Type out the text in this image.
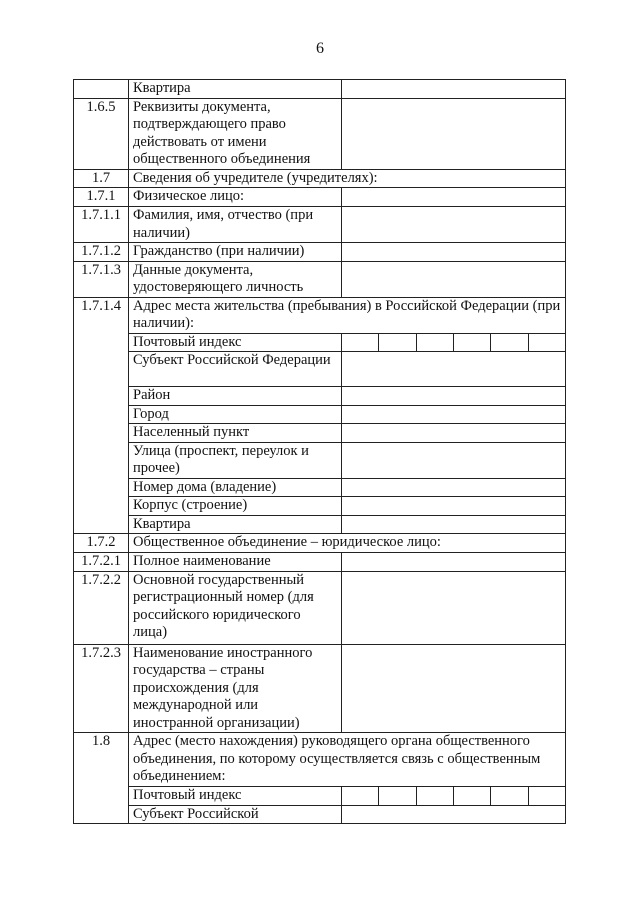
6
	Квартира	
1.6.5	Реквизиты документа, подтверждающего право действовать от имени общественного объединения	
1.7	Сведения об учредителе (учредителях):	
1.7.1	Физическое лицо:	
1.7.1.1	Фамилия, имя, отчество (при наличии)	
1.7.1.2	Гражданство (при наличии)	
1.7.1.3	Данные документа, удостоверяющего личность	
1.7.1.4	Адрес места жительства (пребывания) в Российской Федерации (при наличии):	
	Почтовый индекс	

	Субъект Российской Федерации	
	Район	
	Город	
	Населенный пункт	
	Улица (проспект, переулок и прочее)	
	Номер дома (владение)	
	Корпус (строение)	
	Квартира	
1.7.2	Общественное объединение – юридическое лицо:	
1.7.2.1	Полное наименование	
1.7.2.2	Основной государственный регистрационный номер (для российского юридического лица)	
1.7.2.3	Наименование иностранного государства – страны происхождения (для международной или иностранной организации)	
1.8	Адрес (место нахождения) руководящего органа общественного объединения, по которому осуществляется связь с общественным объединением:	
	Почтовый индекс	

	Субъект Российской	
